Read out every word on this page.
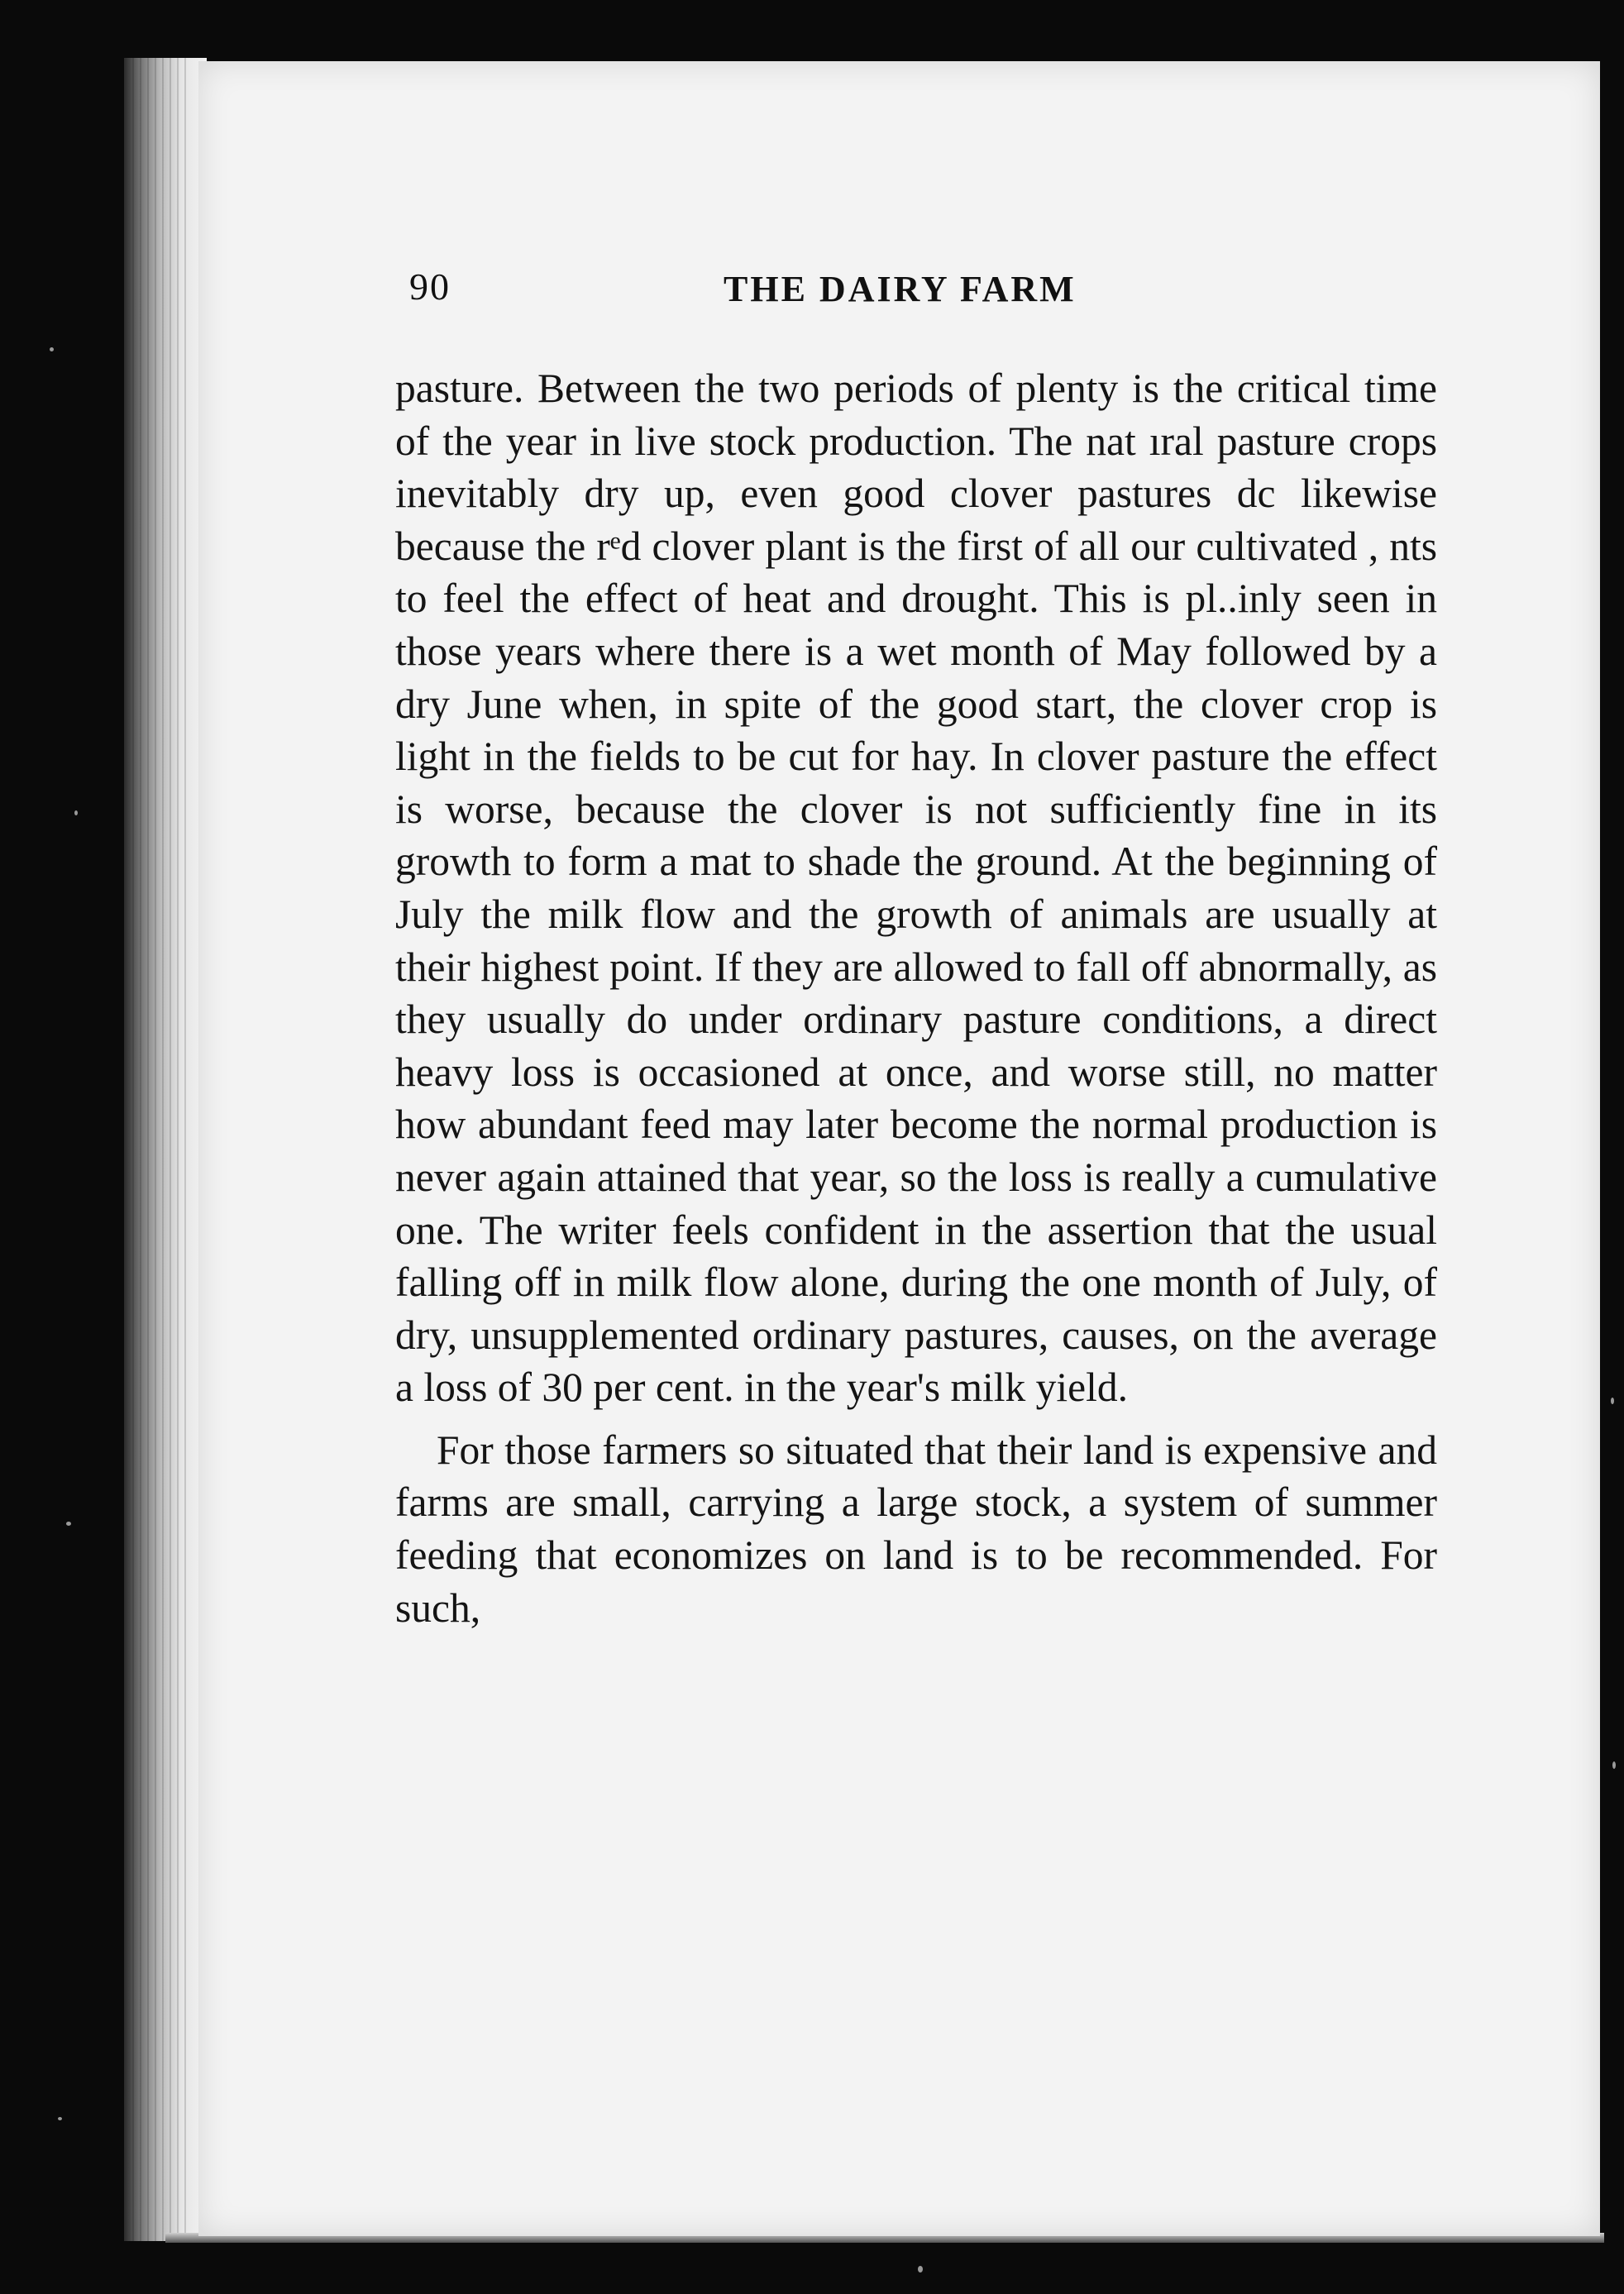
90	THE DAIRY FARM

pasture. Between the two periods of plenty is the critical time of the year in live stock production. The nat ıral pasture crops inevitably dry up, even good clover pastures dc likewise because the rᵉd clover plant is the first of all our cultivated , nts to feel the effect of heat and drought. This is pl..inly seen in those years where there is a wet month of May followed by a dry June when, in spite of the good start, the clover crop is light in the fields to be cut for hay. In clover pasture the effect is worse, because the clover is not sufficiently fine in its growth to form a mat to shade the ground. At the beginning of July the milk flow and the growth of animals are usually at their highest point. If they are allowed to fall off abnormally, as they usually do under ordinary pasture conditions, a direct heavy loss is occasioned at once, and worse still, no matter how abundant feed may later become the normal production is never again attained that year, so the loss is really a cumulative one. The writer feels confident in the assertion that the usual falling off in milk flow alone, during the one month of July, of dry, unsupplemented ordinary pastures, causes, on the average a loss of 30 per cent. in the year's milk yield.

For those farmers so situated that their land is expensive and farms are small, carrying a large stock, a system of summer feeding that economizes on land is to be recommended. For such,
